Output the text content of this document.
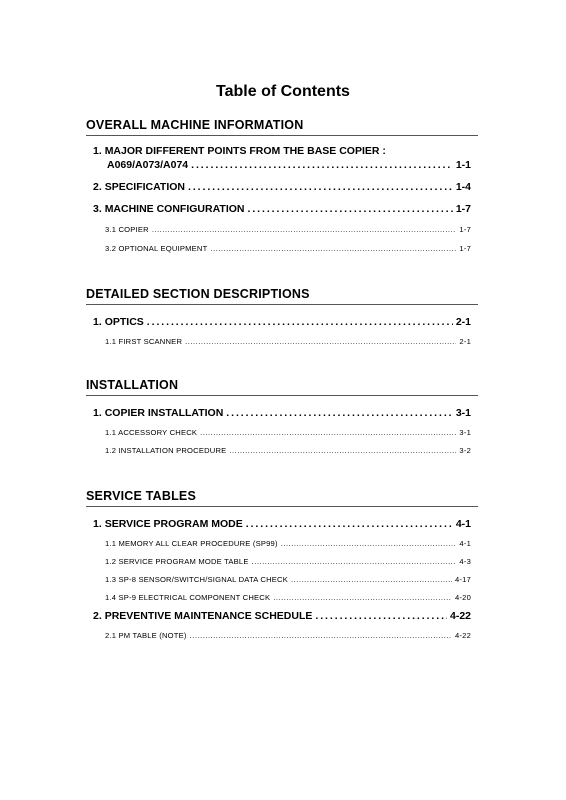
Table of Contents
OVERALL MACHINE INFORMATION
1. MAJOR DIFFERENT POINTS FROM THE BASE COPIER :
A069/A073/A074 . . .	1-1
2. SPECIFICATION . . .	1-4
3. MACHINE CONFIGURATION . . .	1-7
3.1 COPIER . . .	1-7
3.2 OPTIONAL EQUIPMENT . . .	1-7
DETAILED SECTION DESCRIPTIONS
1. OPTICS . . .	2-1
1.1 FIRST SCANNER . . .	2-1
INSTALLATION
1. COPIER INSTALLATION . . .	3-1
1.1 ACCESSORY CHECK . . .	3-1
1.2 INSTALLATION PROCEDURE . . .	3-2
SERVICE TABLES
1. SERVICE PROGRAM MODE . . .	4-1
1.1 MEMORY ALL CLEAR PROCEDURE (SP99) . . .	4-1
1.2 SERVICE PROGRAM MODE TABLE . . .	4-3
1.3 SP-8 SENSOR/SWITCH/SIGNAL DATA CHECK . . .	4-17
1.4 SP-9 ELECTRICAL COMPONENT CHECK . . .	4-20
2. PREVENTIVE MAINTENANCE SCHEDULE . . .	4-22
2.1 PM TABLE (NOTE) . . .	4-22
